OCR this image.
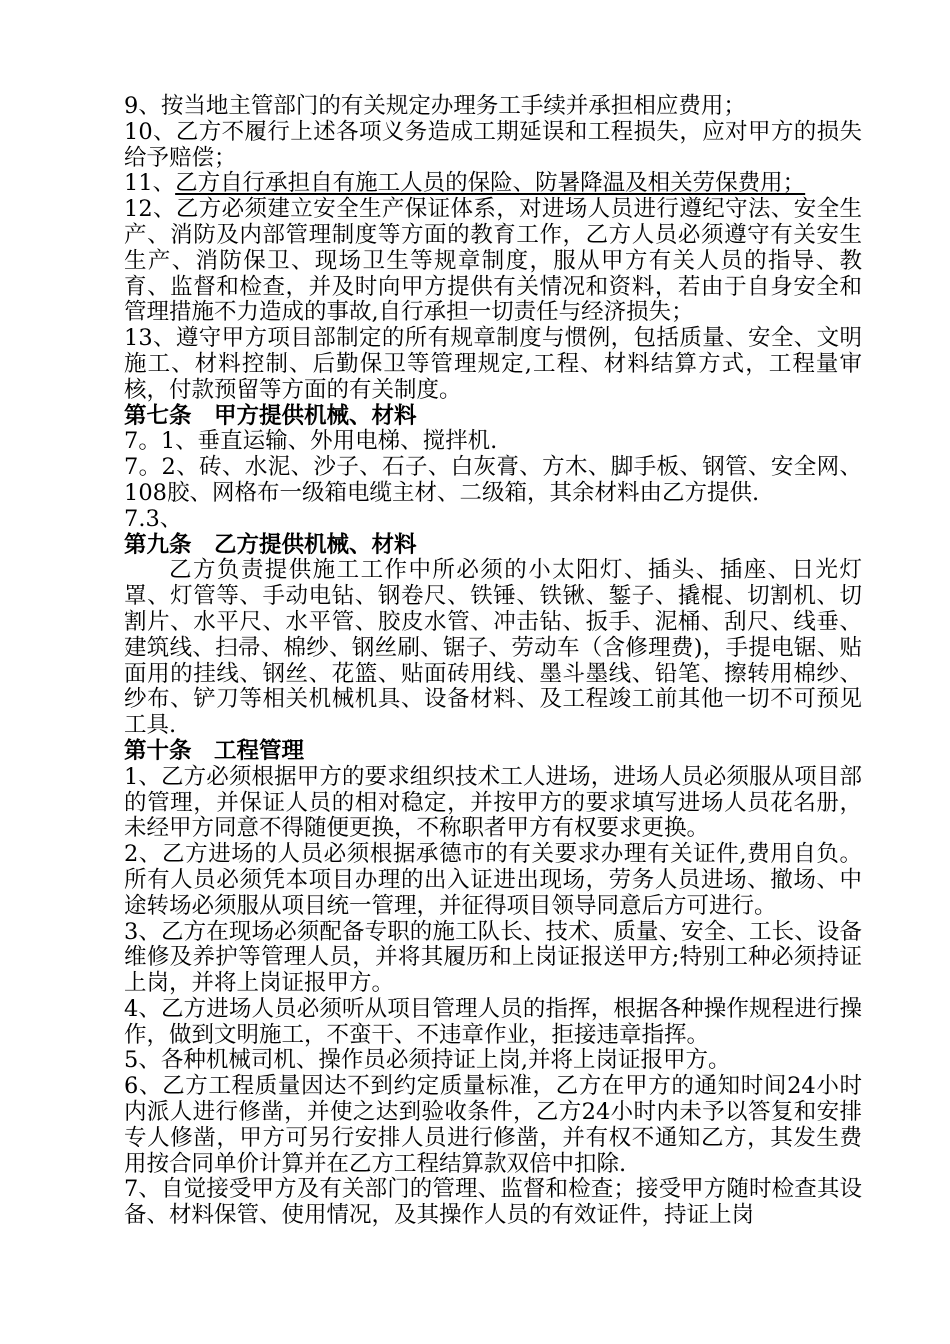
9、按当地主管部门的有关规定办理务工手续并承担相应费用；

10、乙方不履行上述各项义务造成工期延误和工程损失，应对甲方的损失给予赔偿；

11、乙方自行承担自有施工人员的保险、防暑降温及相关劳保费用；

12、乙方必须建立安全生产保证体系，对进场人员进行遵纪守法、安全生产、消防及内部管理制度等方面的教育工作，乙方人员必须遵守有关安生生产、消防保卫、现场卫生等规章制度，服从甲方有关人员的指导、教育、监督和检查，并及时向甲方提供有关情况和资料，若由于自身安全和管理措施不力造成的事故,自行承担一切责任与经济损失；

13、遵守甲方项目部制定的所有规章制度与惯例，包括质量、安全、文明施工、材料控制、后勤保卫等管理规定,工程、材料结算方式，工程量审核，付款预留等方面的有关制度。

第七条　甲方提供机械、材料

7。1、垂直运输、外用电梯、搅拌机.

7。2、砖、水泥、沙子、石子、白灰膏、方木、脚手板、钢管、安全网、108胶、网格布一级箱电缆主材、二级箱，其余材料由乙方提供.

7.3、

第九条　乙方提供机械、材料

乙方负责提供施工工作中所必须的小太阳灯、插头、插座、日光灯罩、灯管等、手动电钻、钢卷尺、铁锤、铁锹、錾子、撬棍、切割机、切割片、水平尺、水平管、胶皮水管、冲击钻、扳手、泥桶、刮尺、线垂、建筑线、扫帚、棉纱、钢丝刷、锯子、劳动车（含修理费)，手提电锯、贴面用的挂线、钢丝、花篮、贴面砖用线、墨斗墨线、铅笔、擦转用棉纱、纱布、铲刀等相关机械机具、设备材料、及工程竣工前其他一切不可预见工具.

第十条　工程管理

1、乙方必须根据甲方的要求组织技术工人进场，进场人员必须服从项目部的管理，并保证人员的相对稳定，并按甲方的要求填写进场人员花名册，未经甲方同意不得随便更换，不称职者甲方有权要求更换。

2、乙方进场的人员必须根据承德市的有关要求办理有关证件,费用自负。所有人员必须凭本项目办理的出入证进出现场，劳务人员进场、撤场、中途转场必须服从项目统一管理，并征得项目领导同意后方可进行。

3、乙方在现场必须配备专职的施工队长、技术、质量、安全、工长、设备维修及养护等管理人员，并将其履历和上岗证报送甲方;特别工种必须持证上岗，并将上岗证报甲方。

4、乙方进场人员必须听从项目管理人员的指挥，根据各种操作规程进行操作，做到文明施工，不蛮干、不违章作业，拒接违章指挥。

5、各种机械司机、操作员必须持证上岗,并将上岗证报甲方。

6、乙方工程质量因达不到约定质量标准，乙方在甲方的通知时间24小时内派人进行修凿，并使之达到验收条件，乙方24小时内未予以答复和安排专人修凿，甲方可另行安排人员进行修凿，并有权不通知乙方，其发生费用按合同单价计算并在乙方工程结算款双倍中扣除.

7、自觉接受甲方及有关部门的管理、监督和检查；接受甲方随时检查其设备、材料保管、使用情况，及其操作人员的有效证件，持证上岗
